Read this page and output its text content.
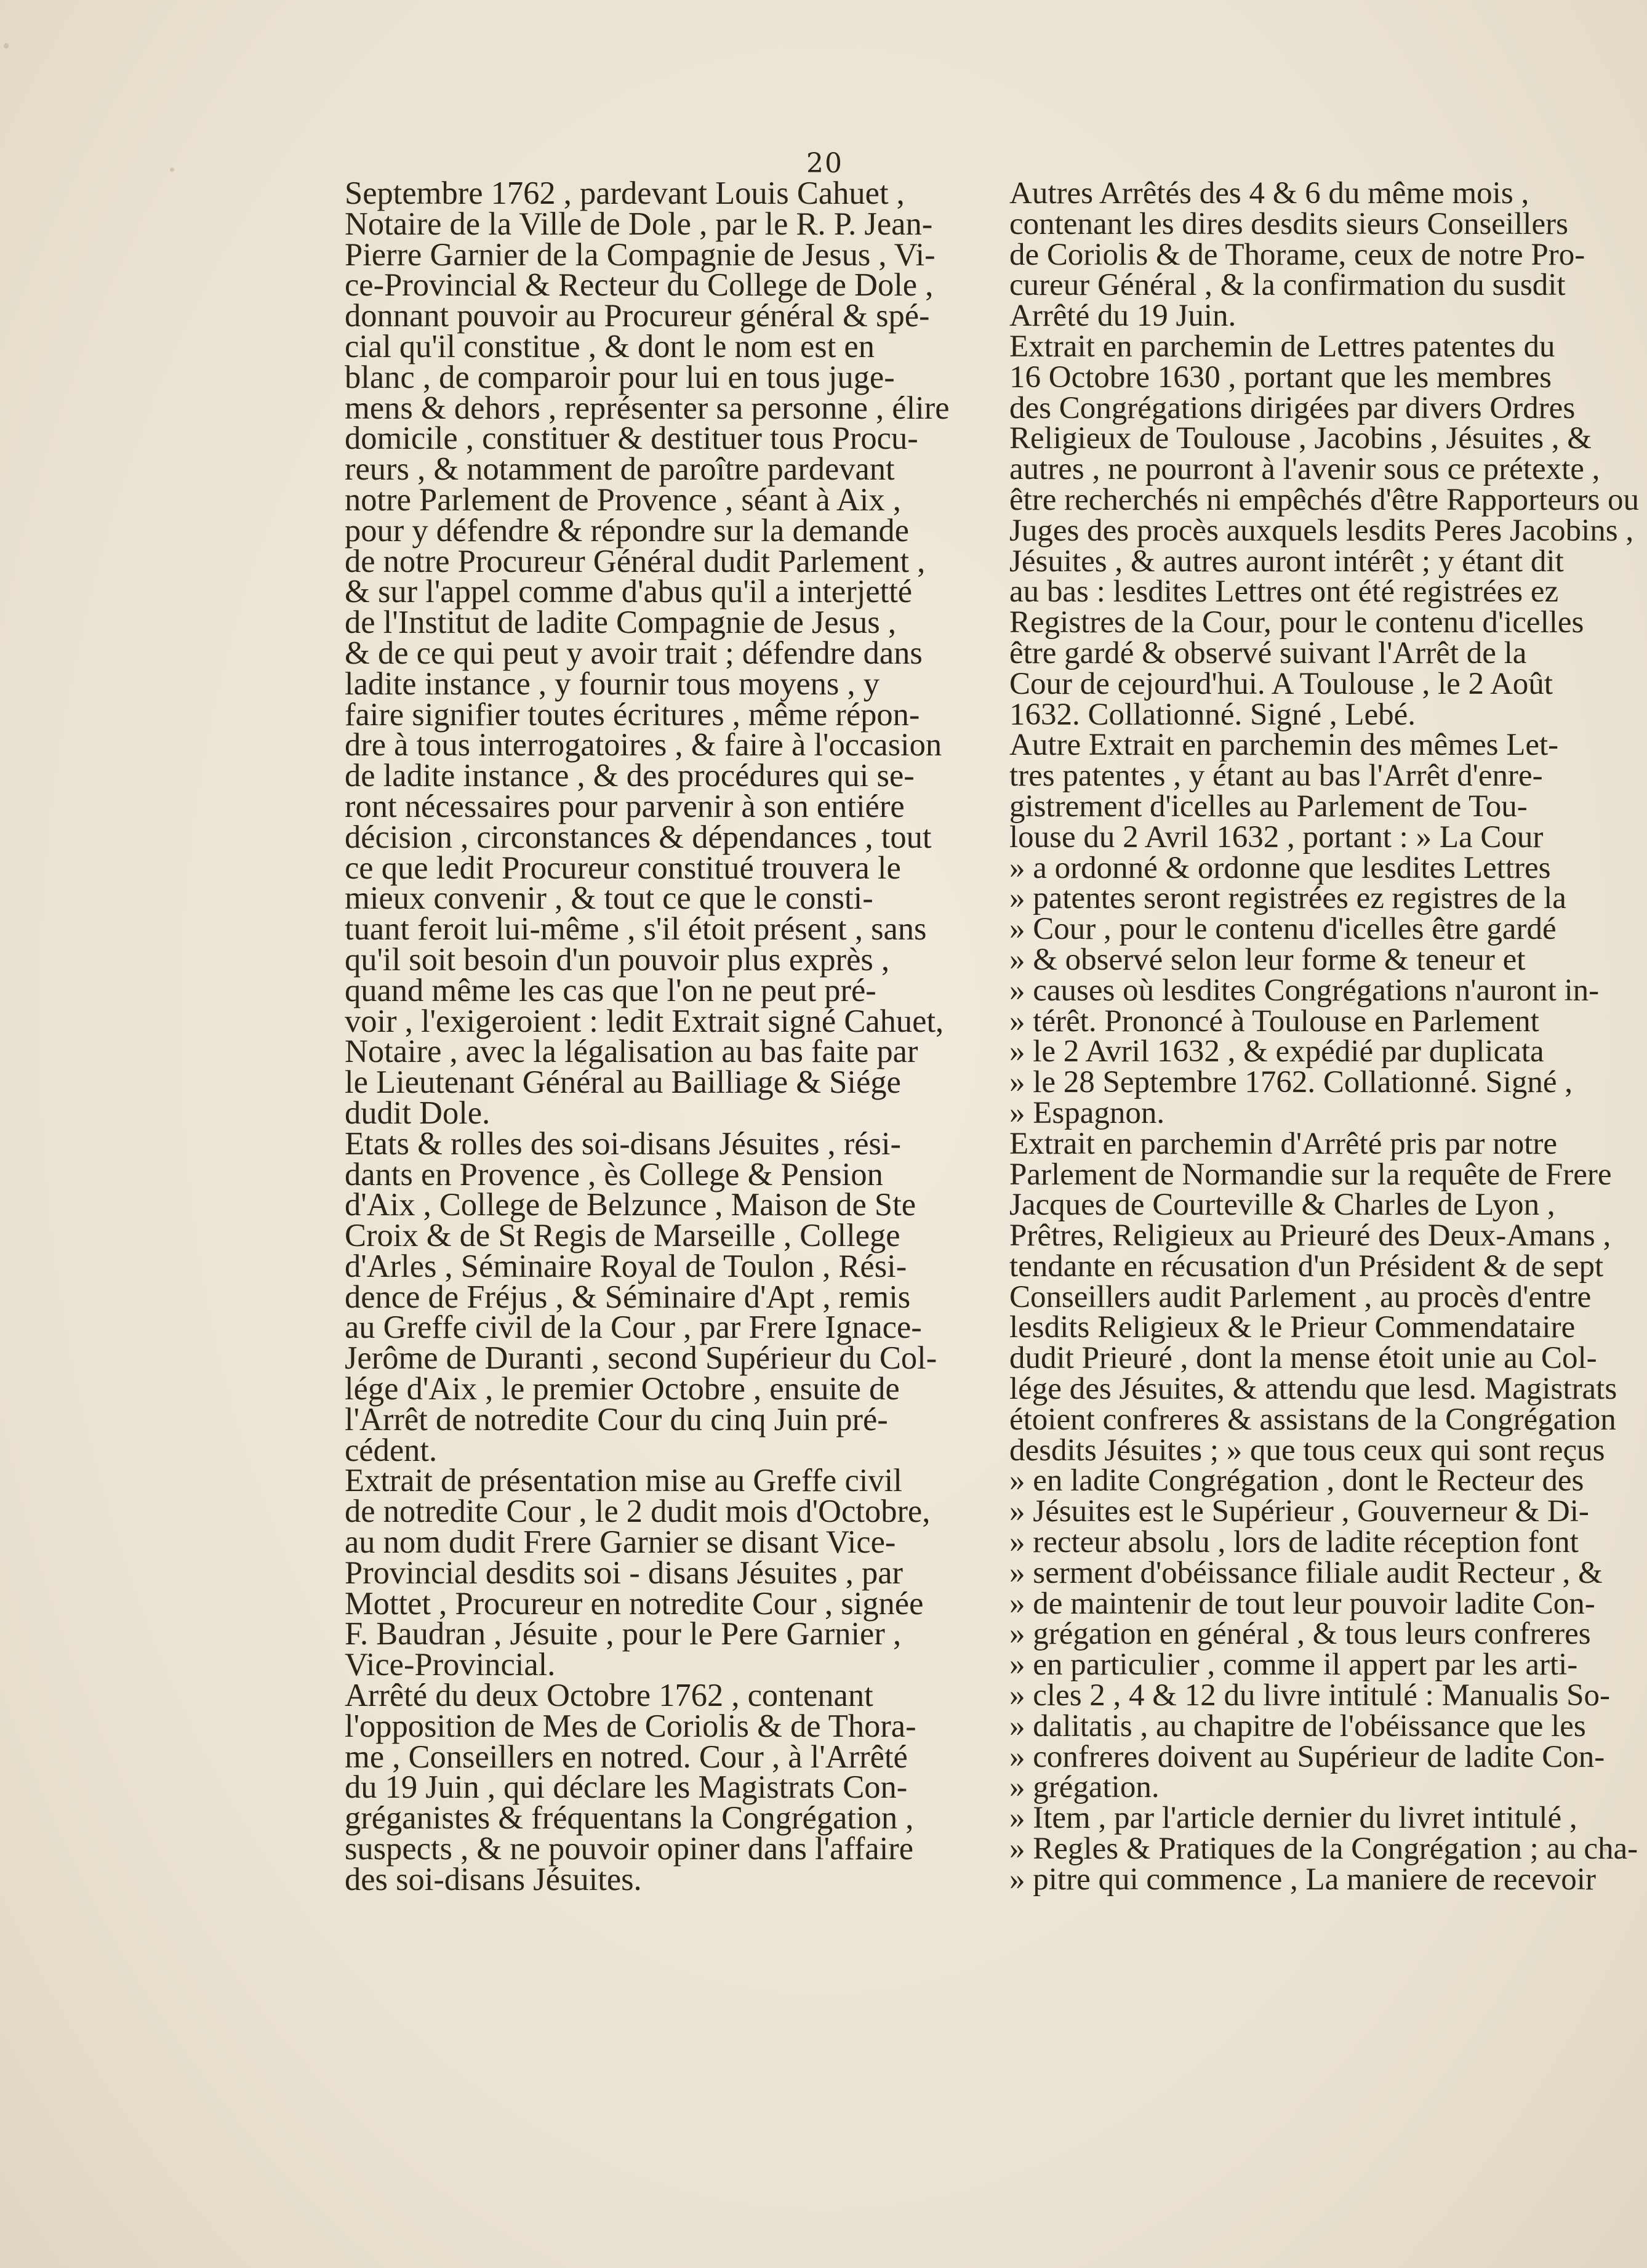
20
Septembre 1762 , pardevant Louis Cahuet ,
Notaire de la Ville de Dole , par le R. P. Jean-
Pierre Garnier de la Compagnie de Jesus , Vi-
ce-Provincial & Recteur du College de Dole ,
donnant pouvoir au Procureur général & spé-
cial qu'il constitue , & dont le nom est en
blanc , de comparoir pour lui en tous juge-
mens & dehors , représenter sa personne , élire
domicile , constituer & destituer tous Procu-
reurs , & notamment de paroître pardevant
notre Parlement de Provence , séant à Aix ,
pour y défendre & répondre sur la demande
de notre Procureur Général dudit Parlement ,
& sur l'appel comme d'abus qu'il a interjetté
de l'Institut de ladite Compagnie de Jesus ,
& de ce qui peut y avoir trait ; défendre dans
ladite instance , y fournir tous moyens , y
faire signifier toutes écritures , même répon-
dre à tous interrogatoires , & faire à l'occasion
de ladite instance , & des procédures qui se-
ront nécessaires pour parvenir à son entiére
décision , circonstances & dépendances , tout
ce que ledit Procureur constitué trouvera le
mieux convenir , & tout ce que le consti-
tuant feroit lui-même , s'il étoit présent , sans
qu'il soit besoin d'un pouvoir plus exprès ,
quand même les cas que l'on ne peut pré-
voir , l'exigeroient : ledit Extrait signé Cahuet,
Notaire , avec la légalisation au bas faite par
le Lieutenant Général au Bailliage & Siége
dudit Dole.
Etats & rolles des soi-disans Jésuites , rési-
dants en Provence , ès College & Pension
d'Aix , College de Belzunce , Maison de Ste
Croix & de St Regis de Marseille , College
d'Arles , Séminaire Royal de Toulon , Rési-
dence de Fréjus , & Séminaire d'Apt , remis
au Greffe civil de la Cour , par Frere Ignace-
Jerôme de Duranti , second Supérieur du Col-
lége d'Aix , le premier Octobre , ensuite de
l'Arrêt de notredite Cour du cinq Juin pré-
cédent.
Extrait de présentation mise au Greffe civil
de notredite Cour , le 2 dudit mois d'Octobre,
au nom dudit Frere Garnier se disant Vice-
Provincial desdits soi - disans Jésuites , par
Mottet , Procureur en notredite Cour , signée
F. Baudran , Jésuite , pour le Pere Garnier ,
Vice-Provincial.
Arrêté du deux Octobre 1762 , contenant
l'opposition de Mes de Coriolis & de Thora-
me , Conseillers en notred. Cour , à l'Arrêté
du 19 Juin , qui déclare les Magistrats Con-
gréganistes & fréquentans la Congrégation ,
suspects , & ne pouvoir opiner dans l'affaire
des soi-disans Jésuites.
Autres Arrêtés des 4 & 6 du même mois ,
contenant les dires desdits sieurs Conseillers
de Coriolis & de Thorame, ceux de notre Pro-
cureur Général , & la confirmation du susdit
Arrêté du 19 Juin.
Extrait en parchemin de Lettres patentes du
16 Octobre 1630 , portant que les membres
des Congrégations dirigées par divers Ordres
Religieux de Toulouse , Jacobins , Jésuites , &
autres , ne pourront à l'avenir sous ce prétexte ,
être recherchés ni empêchés d'être Rapporteurs ou
Juges des procès auxquels lesdits Peres Jacobins ,
Jésuites , & autres auront intérêt ; y étant dit
au bas : lesdites Lettres ont été registrées ez
Registres de la Cour, pour le contenu d'icelles
être gardé & observé suivant l'Arrêt de la
Cour de cejourd'hui. A Toulouse , le 2 Août
1632. Collationné. Signé , Lebé.
Autre Extrait en parchemin des mêmes Let-
tres patentes , y étant au bas l'Arrêt d'enre-
gistrement d'icelles au Parlement de Tou-
louse du 2 Avril 1632 , portant : » La Cour
» a ordonné & ordonne que lesdites Lettres
» patentes seront registrées ez registres de la
» Cour , pour le contenu d'icelles être gardé
» & observé selon leur forme & teneur et
» causes où lesdites Congrégations n'auront in-
» térêt. Prononcé à Toulouse en Parlement
» le 2 Avril 1632 , & expédié par duplicata
» le 28 Septembre 1762. Collationné. Signé ,
» Espagnon.
Extrait en parchemin d'Arrêté pris par notre
Parlement de Normandie sur la requête de Frere
Jacques de Courteville & Charles de Lyon ,
Prêtres, Religieux au Prieuré des Deux-Amans ,
tendante en récusation d'un Président & de sept
Conseillers audit Parlement , au procès d'entre
lesdits Religieux & le Prieur Commendataire
dudit Prieuré , dont la mense étoit unie au Col-
lége des Jésuites, & attendu que lesd. Magistrats
étoient confreres & assistans de la Congrégation
desdits Jésuites ; » que tous ceux qui sont reçus
» en ladite Congrégation , dont le Recteur des
» Jésuites est le Supérieur , Gouverneur & Di-
» recteur absolu , lors de ladite réception font
» serment d'obéissance filiale audit Recteur , &
» de maintenir de tout leur pouvoir ladite Con-
» grégation en général , & tous leurs confreres
» en particulier , comme il appert par les arti-
» cles 2 , 4 & 12 du livre intitulé : Manualis So-
» dalitatis , au chapitre de l'obéissance que les
» confreres doivent au Supérieur de ladite Con-
» grégation.
» Item , par l'article dernier du livret intitulé ,
» Regles & Pratiques de la Congrégation ; au cha-
» pitre qui commence , La maniere de recevoir
